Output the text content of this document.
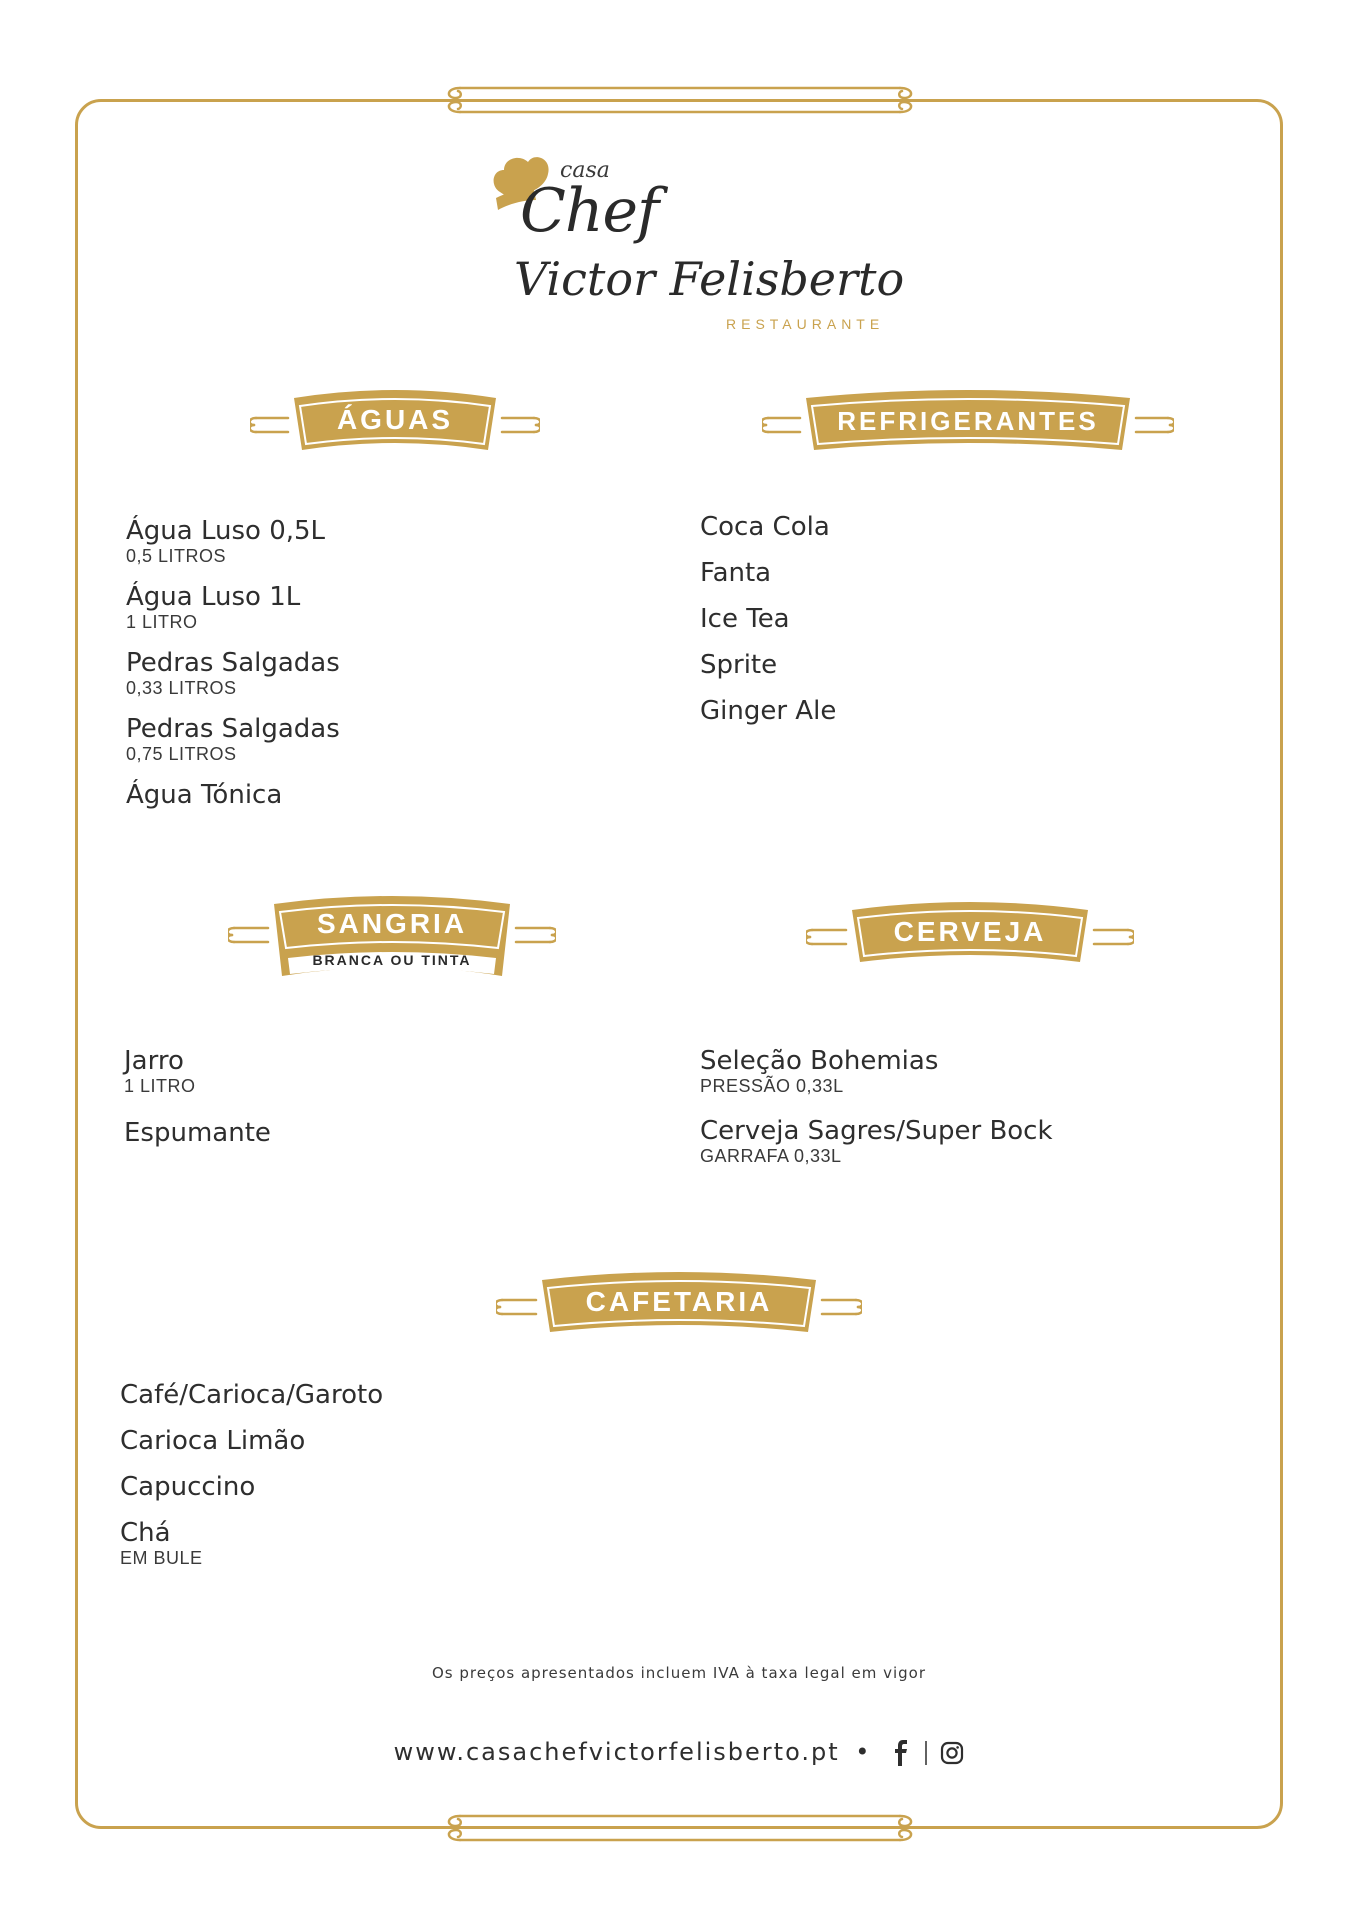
casa
Chef
Victor Felisberto
RESTAURANTE
ÁGUAS	REFRIGERANTES
SANGRIA
BRANCA OU TINTA
CERVEJA
CAFETARIA
Água Luso 0,5L
0,5 LITROS
Água Luso 1L
1 LITRO
Pedras Salgadas
0,33 LITROS
Pedras Salgadas
0,75 LITROS
Água Tónica
Coca Cola
Fanta
Ice Tea
Sprite
Ginger Ale
Jarro
1 LITRO
Espumante
Seleção Bohemias
PRESSÃO 0,33L
Cerveja Sagres/Super Bock
GARRAFA 0,33L
Café/Carioca/Garoto
Carioca Limão
Capuccino
Chá
EM BULE
Os preços apresentados incluem IVA à taxa legal em vigor
www.casachefvictorfelisberto.pt •
